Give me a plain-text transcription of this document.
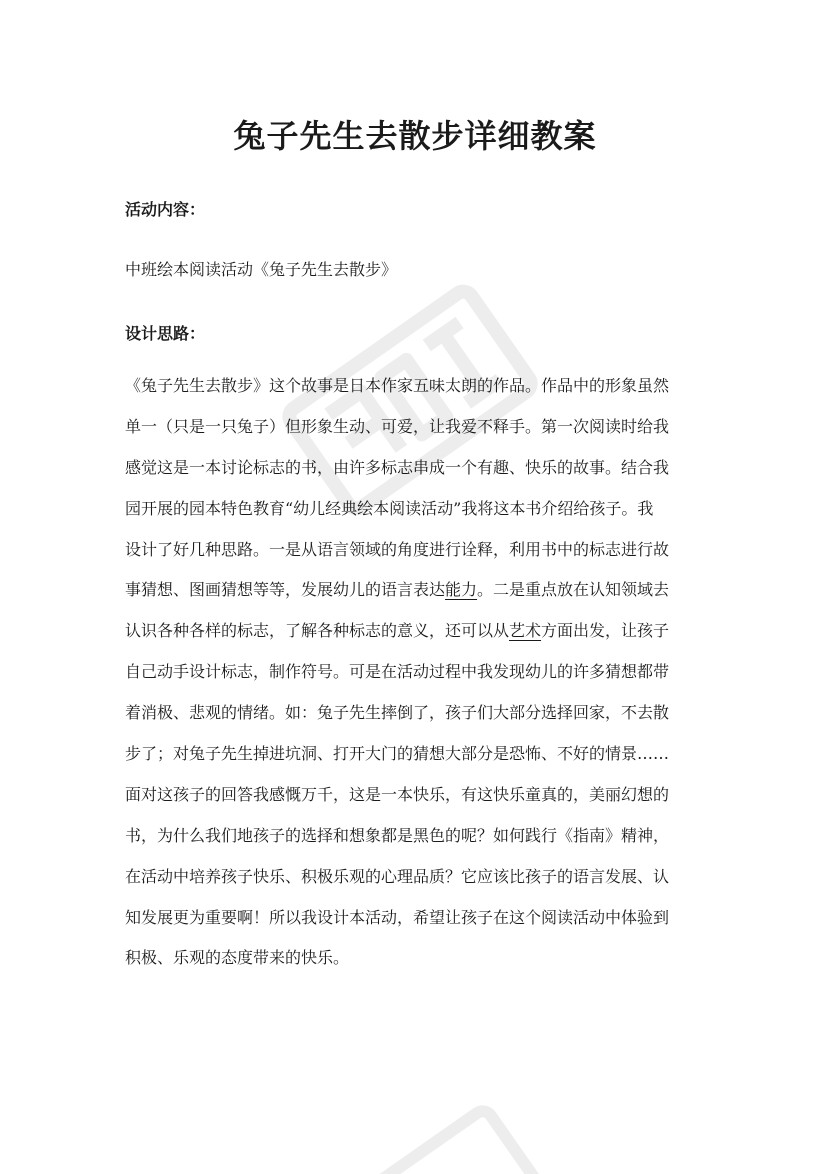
兔子先生去散步详细教案
活动内容：

中班绘本阅读活动《兔子先生去散步》

设计思路：
《兔子先生去散步》这个故事是日本作家五味太朗的作品。作品中的形象虽然
单一（只是一只兔子）但形象生动、可爱，让我爱不释手。第一次阅读时给我
感觉这是一本讨论标志的书，由许多标志串成一个有趣、快乐的故事。结合我
园开展的园本特色教育“幼儿经典绘本阅读活动”我将这本书介绍给孩子。我
设计了好几种思路。一是从语言领域的角度进行诠释，利用书中的标志进行故
事猜想、图画猜想等等，发展幼儿的语言表达能力。二是重点放在认知领域去
认识各种各样的标志，了解各种标志的意义，还可以从艺术方面出发，让孩子
自己动手设计标志，制作符号。可是在活动过程中我发现幼儿的许多猜想都带
着消极、悲观的情绪。如：兔子先生摔倒了，孩子们大部分选择回家，不去散
步了；对兔子先生掉进坑洞、打开大门的猜想大部分是恐怖、不好的情景……
面对这孩子的回答我感慨万千，这是一本快乐，有这快乐童真的，美丽幻想的
书，为什么我们地孩子的选择和想象都是黑色的呢？如何践行《指南》精神，
在活动中培养孩子快乐、积极乐观的心理品质？它应该比孩子的语言发展、认
知发展更为重要啊！所以我设计本活动，希望让孩子在这个阅读活动中体验到
积极、乐观的态度带来的快乐。
